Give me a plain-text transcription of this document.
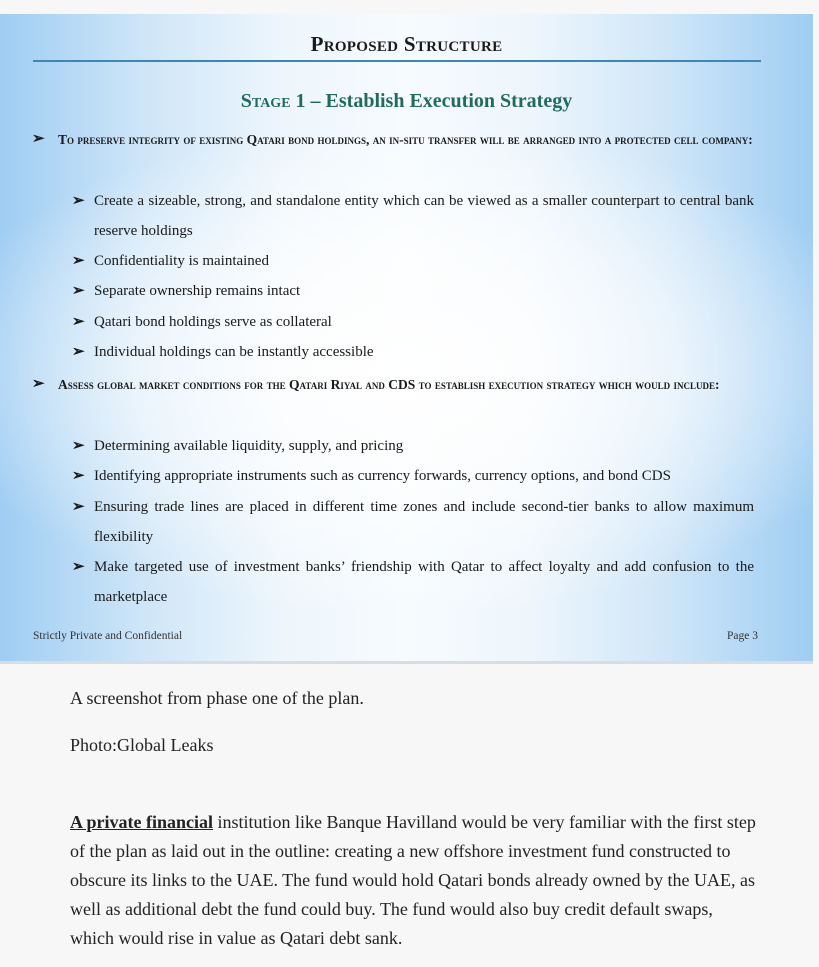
Proposed Structure
Stage 1 – Establish Execution Strategy
➢ To preserve integrity of existing Qatari bond holdings, an in-situ transfer will be arranged into a protected cell company:
➢ Create a sizeable, strong, and standalone entity which can be viewed as a smaller counterpart to central bank reserve holdings
➢ Confidentiality is maintained
➢ Separate ownership remains intact
➢ Qatari bond holdings serve as collateral
➢ Individual holdings can be instantly accessible
➢ Assess global market conditions for the Qatari Riyal and CDS to establish execution strategy which would include:
➢ Determining available liquidity, supply, and pricing
➢ Identifying appropriate instruments such as currency forwards, currency options, and bond CDS
➢ Ensuring trade lines are placed in different time zones and include second-tier banks to allow maximum flexibility
➢ Make targeted use of investment banks’ friendship with Qatar to affect loyalty and add confusion to the marketplace
Strictly Private and Confidential	Page 3
A screenshot from phase one of the plan.
Photo:Global Leaks
A private financial institution like Banque Havilland would be very familiar with the first step of the plan as laid out in the outline: creating a new offshore investment fund constructed to obscure its links to the UAE. The fund would hold Qatari bonds already owned by the UAE, as well as additional debt the fund could buy. The fund would also buy credit default swaps, which would rise in value as Qatari debt sank.
